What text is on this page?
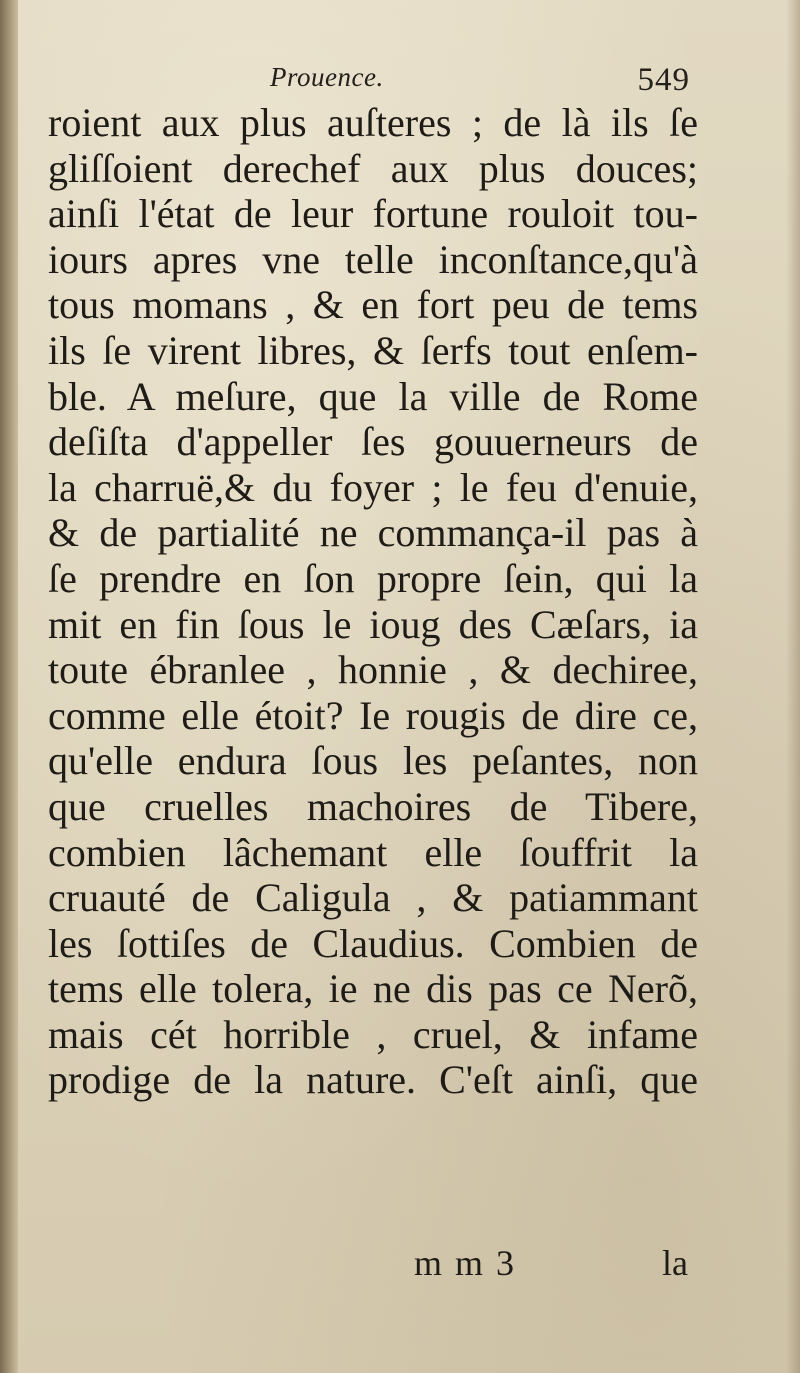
Prouence.	549
roient aux plus auſteres ; de là ils ſe
gliſſoient derechef aux plus douces;
ainſi l'état de leur fortune rouloit tou-
iours apres vne telle inconſtance,qu'à
tous momans , & en fort peu de tems
ils ſe virent libres, & ſerfs tout enſem-
ble. A meſure, que la ville de Rome
deſiſta d'appeller ſes gouuerneurs de
la charruë,& du foyer ; le feu d'enuie,
& de partialité ne commança-il pas à
ſe prendre en ſon propre ſein, qui la
mit en fin ſous le ioug des Cæſars, ia
toute ébranlee , honnie , & dechiree,
comme elle étoit? Ie rougis de dire ce,
qu'elle endura ſous les peſantes, non
que cruelles machoires de Tibere,
combien lâchemant elle ſouffrit la
cruauté de Caligula , & patiammant
les ſottiſes de Claudius. Combien de
tems elle tolera, ie ne dis pas ce Nerõ,
mais cét horrible , cruel, & infame
prodige de la nature. C'eſt ainſi, que
m m 3	la
